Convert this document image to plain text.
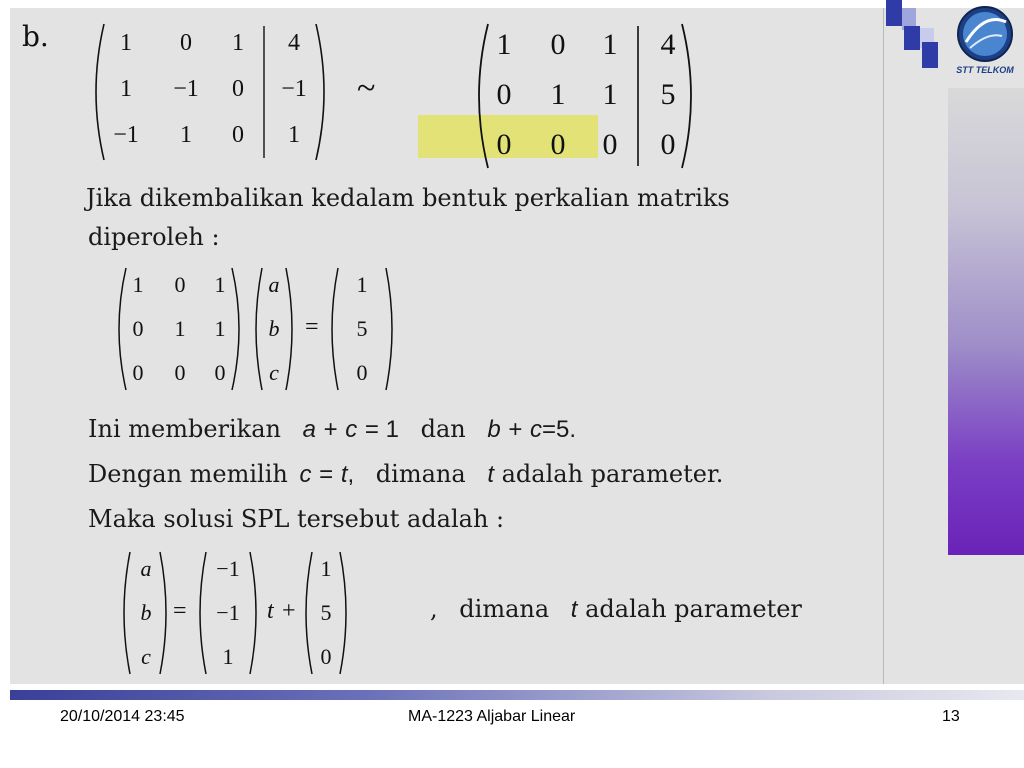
STT TELKOM
b.	1 0 1 4
1 −1 0 −1
−1 1 0 1
~
1 0 1 4
0 1 1 5
0 0 0 0
Jika dikembalikan kedalam bentuk perkalian matriks
diperoleh :
1 0 1
0 1 1
0 0 0
a
b
c
=
1
5
0
Ini memberikan a + c = 1 dan b + c=5.
Dengan memilih c = t, dimana t adalah parameter.
Maka solusi SPL tersebut adalah :
a
b
c
=
−1
−1
1
t +
1
5
0
, dimana t adalah parameter
20/10/2014 23:45	MA-1223 Aljabar Linear	13
